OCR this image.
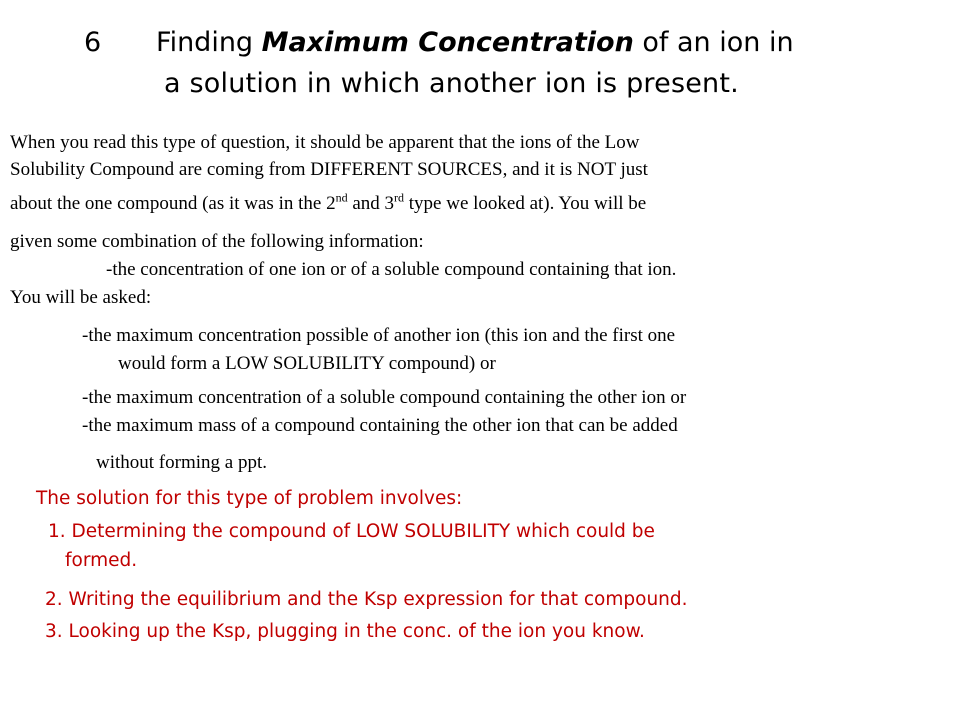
6 Finding Maximum Concentration of an ion in
a solution in which another ion is present.
When you read this type of question, it should be apparent that the ions of the Low
Solubility Compound are coming from DIFFERENT SOURCES, and it is NOT just
about the one compound (as it was in the 2nd and 3rd type we looked at). You will be
given some combination of the following information:
-the concentration of one ion or of a soluble compound containing that ion.
You will be asked:
-the maximum concentration possible of another ion (this ion and the first one
would form a LOW SOLUBILITY compound) or
-the maximum concentration of a soluble compound containing the other ion or
-the maximum mass of a compound containing the other ion that can be added
without forming a ppt.
The solution for this type of problem involves:
1. Determining the compound of LOW SOLUBILITY which could be
formed.
2. Writing the equilibrium and the Ksp expression for that compound.
3. Looking up the Ksp, plugging in the conc. of the ion you know.
